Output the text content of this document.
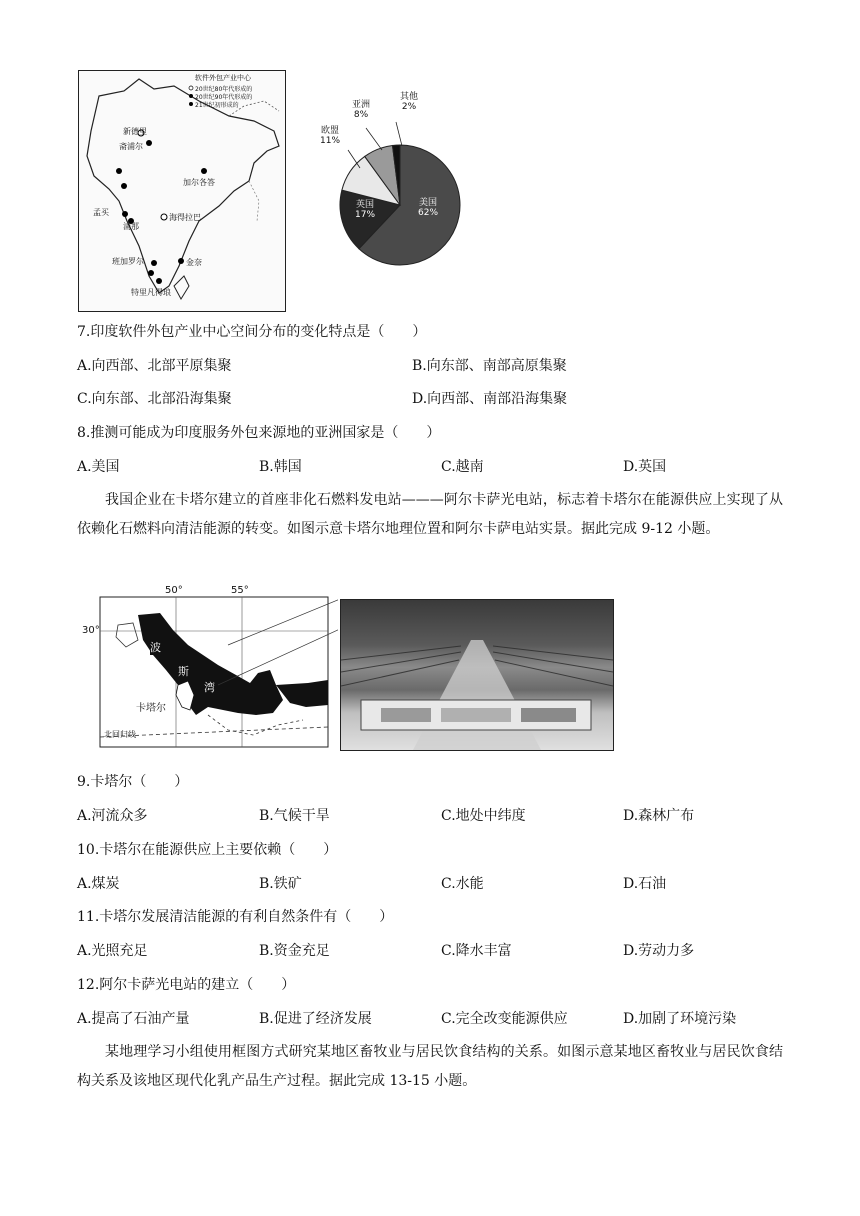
软件外包产业中心
20世纪80年代形成的
20世纪90年代形成的
21世纪初形成的
新德里
斋浦尔
加尔各答
孟买
浦那
海得拉巴
班加罗尔	金奈
特里凡得琅
其他
2%
亚洲
8%
欧盟
11%
英国
17%
美国
62%
7.印度软件外包产业中心空间分布的变化特点是（　　）
A.向西部、北部平原集聚	B.向东部、南部高原集聚
C.向东部、北部沿海集聚	D.向西部、南部沿海集聚
8.推测可能成为印度服务外包来源地的亚洲国家是（　　）
A.美国	B.韩国	C.越南	D.英国
我国企业在卡塔尔建立的首座非化石燃料发电站———阿尔卡萨光电站，标志着卡塔尔在能源供应上实现了从依赖化石燃料向清洁能源的转变。如图示意卡塔尔地理位置和阿尔卡萨电站实景。据此完成 9-12 小题。
50°	55°
30°
波
斯
湾
卡塔尔
北回归线
9.卡塔尔（　　）
A.河流众多	B.气候干旱	C.地处中纬度	D.森林广布
10.卡塔尔在能源供应上主要依赖（　　）
A.煤炭	B.铁矿	C.水能	D.石油
11.卡塔尔发展清洁能源的有利自然条件有（　　）
A.光照充足	B.资金充足	C.降水丰富	D.劳动力多
12.阿尔卡萨光电站的建立（　　）
A.提高了石油产量	B.促进了经济发展	C.完全改变能源供应	D.加剧了环境污染
某地理学习小组使用框图方式研究某地区畜牧业与居民饮食结构的关系。如图示意某地区畜牧业与居民饮食结构关系及该地区现代化乳产品生产过程。据此完成 13-15 小题。
